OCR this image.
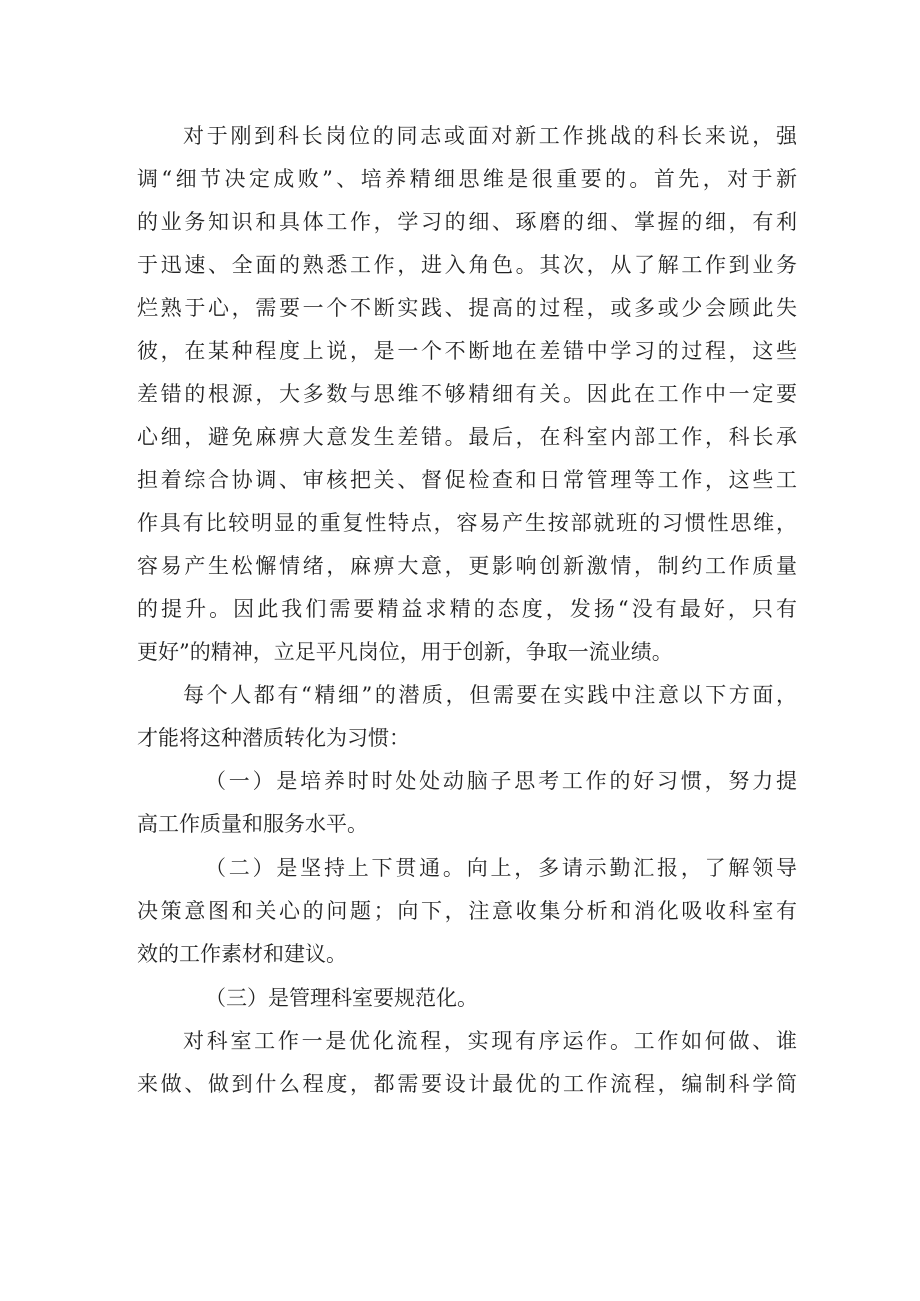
对于刚到科长岗位的同志或面对新工作挑战的科长来说，强
调“细节决定成败”、培养精细思维是很重要的。首先，对于新
的业务知识和具体工作，学习的细、琢磨的细、掌握的细，有利
于迅速、全面的熟悉工作，进入角色。其次，从了解工作到业务
烂熟于心，需要一个不断实践、提高的过程，或多或少会顾此失
彼，在某种程度上说，是一个不断地在差错中学习的过程，这些
差错的根源，大多数与思维不够精细有关。因此在工作中一定要
心细，避免麻痹大意发生差错。最后，在科室内部工作，科长承
担着综合协调、审核把关、督促检查和日常管理等工作，这些工
作具有比较明显的重复性特点，容易产生按部就班的习惯性思维，
容易产生松懈情绪，麻痹大意，更影响创新激情，制约工作质量
的提升。因此我们需要精益求精的态度，发扬“没有最好，只有
更好”的精神，立足平凡岗位，用于创新，争取一流业绩。
每个人都有“精细”的潜质，但需要在实践中注意以下方面，
才能将这种潜质转化为习惯：
（一）是培养时时处处动脑子思考工作的好习惯，努力提
高工作质量和服务水平。
（二）是坚持上下贯通。向上，多请示勤汇报，了解领导
决策意图和关心的问题；向下，注意收集分析和消化吸收科室有
效的工作素材和建议。
（三）是管理科室要规范化。
对科室工作一是优化流程，实现有序运作。工作如何做、谁
来做、做到什么程度，都需要设计最优的工作流程，编制科学简
